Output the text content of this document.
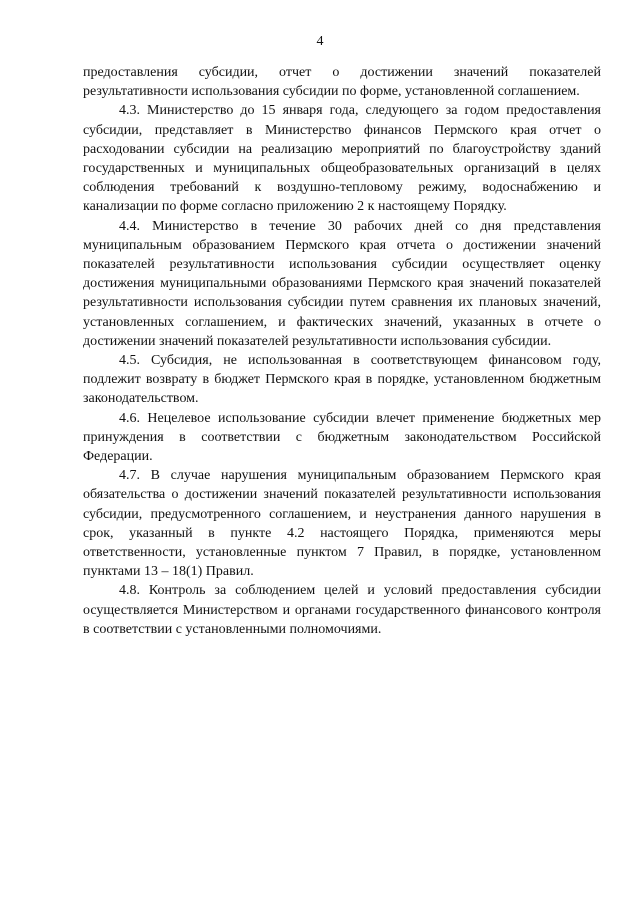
4

предоставления субсидии, отчет о достижении значений показателей результативности использования субсидии по форме, установленной соглашением.

4.3. Министерство до 15 января года, следующего за годом предоставления субсидии, представляет в Министерство финансов Пермского края отчет о расходовании субсидии на реализацию мероприятий по благоустройству зданий государственных и муниципальных общеобразовательных организаций в целях соблюдения требований к воздушно-тепловому режиму, водоснабжению и канализации по форме согласно приложению 2 к настоящему Порядку.

4.4. Министерство в течение 30 рабочих дней со дня представления муниципальным образованием Пермского края отчета о достижении значений показателей результативности использования субсидии осуществляет оценку достижения муниципальными образованиями Пермского края значений показателей результативности использования субсидии путем сравнения их плановых значений, установленных соглашением, и фактических значений, указанных в отчете о достижении значений показателей результативности использования субсидии.

4.5. Субсидия, не использованная в соответствующем финансовом году, подлежит возврату в бюджет Пермского края в порядке, установленном бюджетным законодательством.

4.6. Нецелевое использование субсидии влечет применение бюджетных мер принуждения в соответствии с бюджетным законодательством Российской Федерации.

4.7. В случае нарушения муниципальным образованием Пермского края обязательства о достижении значений показателей результативности использования субсидии, предусмотренного соглашением, и неустранения данного нарушения в срок, указанный в пункте 4.2 настоящего Порядка, применяются меры ответственности, установленные пунктом 7 Правил, в порядке, установленном пунктами 13 – 18(1) Правил.

4.8. Контроль за соблюдением целей и условий предоставления субсидии осуществляется Министерством и органами государственного финансового контроля в соответствии с установленными полномочиями.
